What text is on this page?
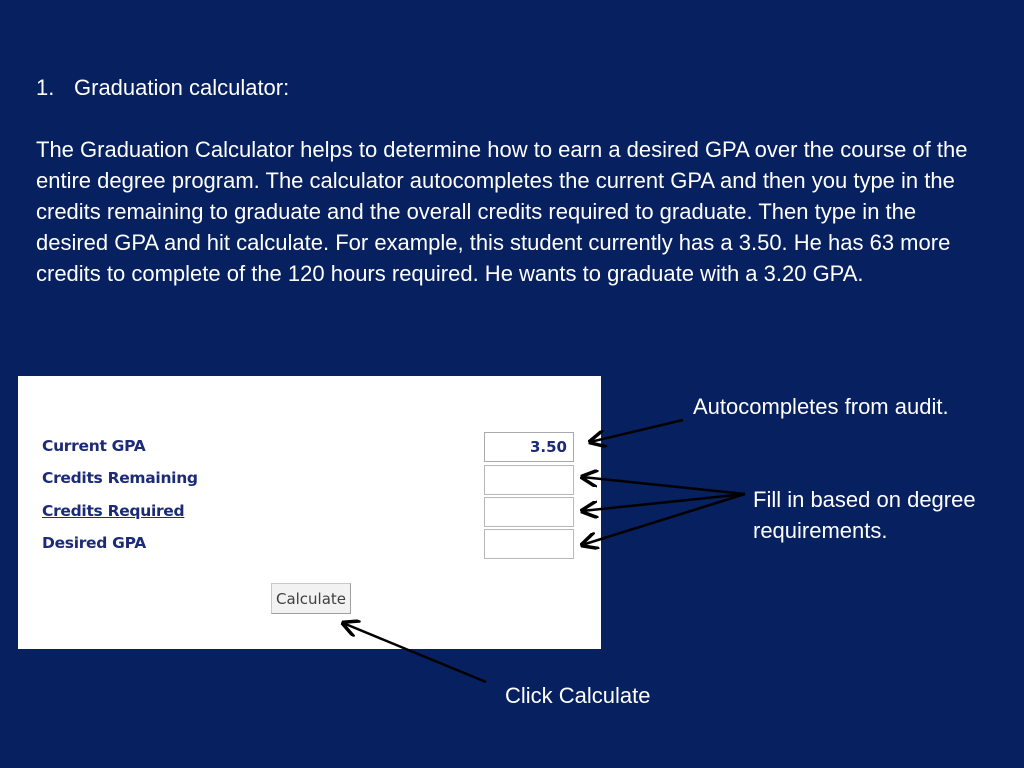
1. Graduation calculator:

The Graduation Calculator helps to determine how to earn a desired GPA over the course of the entire degree program. The calculator autocompletes the current GPA and then you type in the credits remaining to graduate and the overall credits required to graduate. Then type in the desired GPA and hit calculate. For example, this student currently has a 3.50. He has 63 more credits to complete of the 120 hours required. He wants to graduate with a 3.20 GPA.

Current GPA
3.50
Credits Remaining
Credits Required
Desired GPA
Calculate
Autocompletes from audit.
Fill in based on degree
requirements.
Click Calculate
